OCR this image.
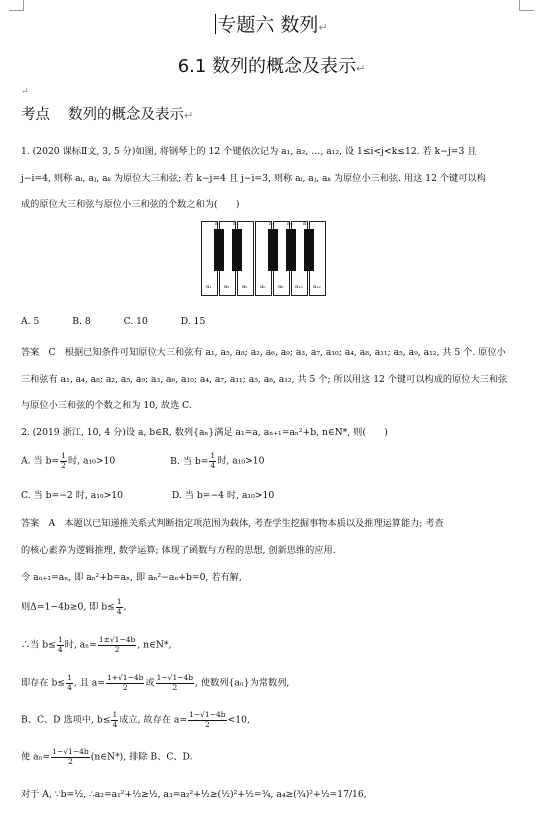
专题六 数列↵
6.1 数列的概念及表示↵
↵
考点 数列的概念及表示↵
1. (2020 课标Ⅱ文, 3, 5 分)如图, 将钢琴上的 12 个键依次记为 a₁, a₂, …, a₁₂, 设 1≤i<j<k≤12. 若 k−j=3 且
j−i=4, 则称 aᵢ, aⱼ, aₖ 为原位大三和弦; 若 k−j=4 且 j−i=3, 则称 aᵢ, aⱼ, aₖ 为原位小三和弦. 用这 12 个键可以构
成的原位大三和弦与原位小三和弦的个数之和为(　　)
a₁ a₃ a₅ a₆ a₈ a₁₀ a₁₂
a₂ a₄	a₇ a₉ a₁₁
A. 5	B. 8	C. 10	D. 15
答案　C　根据已知条件可知原位大三和弦有 a₁, a₅, a₈; a₂, a₆, a₉; a₃, a₇, a₁₀; a₄, a₈, a₁₁; a₅, a₉, a₁₂, 共 5 个. 原位小
三和弦有 a₁, a₄, a₈; a₂, a₅, a₉; a₃, a₆, a₁₀; a₄, a₇, a₁₁; a₅, a₈, a₁₂, 共 5 个; 所以用这 12 个键可以构成的原位大三和弦
与原位小三和弦的个数之和为 10, 故选 C.
2. (2019 浙江, 10, 4 分)设 a, b∈R, 数列{aₙ}满足 a₁=a, aₙ₊₁=aₙ²+b, n∈N*, 则(　　)
A. 当 $b= \frac{1}{2}$ 时, a₁₀>10	B. 当 $b= \frac{1}{4}$ 时, a₁₀>10
C. 当 b=−2 时, a₁₀>10	D. 当 b=−4 时, a₁₀>10
答案　A　本题以已知递推关系式判断指定项范围为载体, 考查学生挖掘事物本质以及推理运算能力; 考查
的核心素养为逻辑推理, 数学运算; 体现了函数与方程的思想, 创新思维的应用.
令 aₙ₊₁=aₙ, 即 aₙ²+b=aₙ, 即 aₙ²−aₙ+b=0, 若有解,
则Δ=1−4b≥0, 即 $b\le \frac{1}{4}$ ,
∴当 $b\le \frac{1}{4}$ 时, $a_n= \frac{1\pm√1-4b}{2}$ , n∈N*,
即存在 $b\le \frac{1}{4}$ , 且 $a= \frac{1+√1-4b}{2}$ 或 $\frac{1-√1-4b}{2}$ , 使数列{aₙ}为常数列,
B、C、D 选项中, $b\le \frac{1}{4}$ 成立, 故存在 $a= \frac{1-√1-4b}{2} <10$,
使 $a_n= \frac{1-√1-4b}{2}$ (n∈N*), 排除 B、C、D.
对于 A, ∵b=½, ∴a₂=a₁²+½≥½, a₃=a₂²+½≥(½)²+½=¾, a₄≥(¾)²+½=17/16,
